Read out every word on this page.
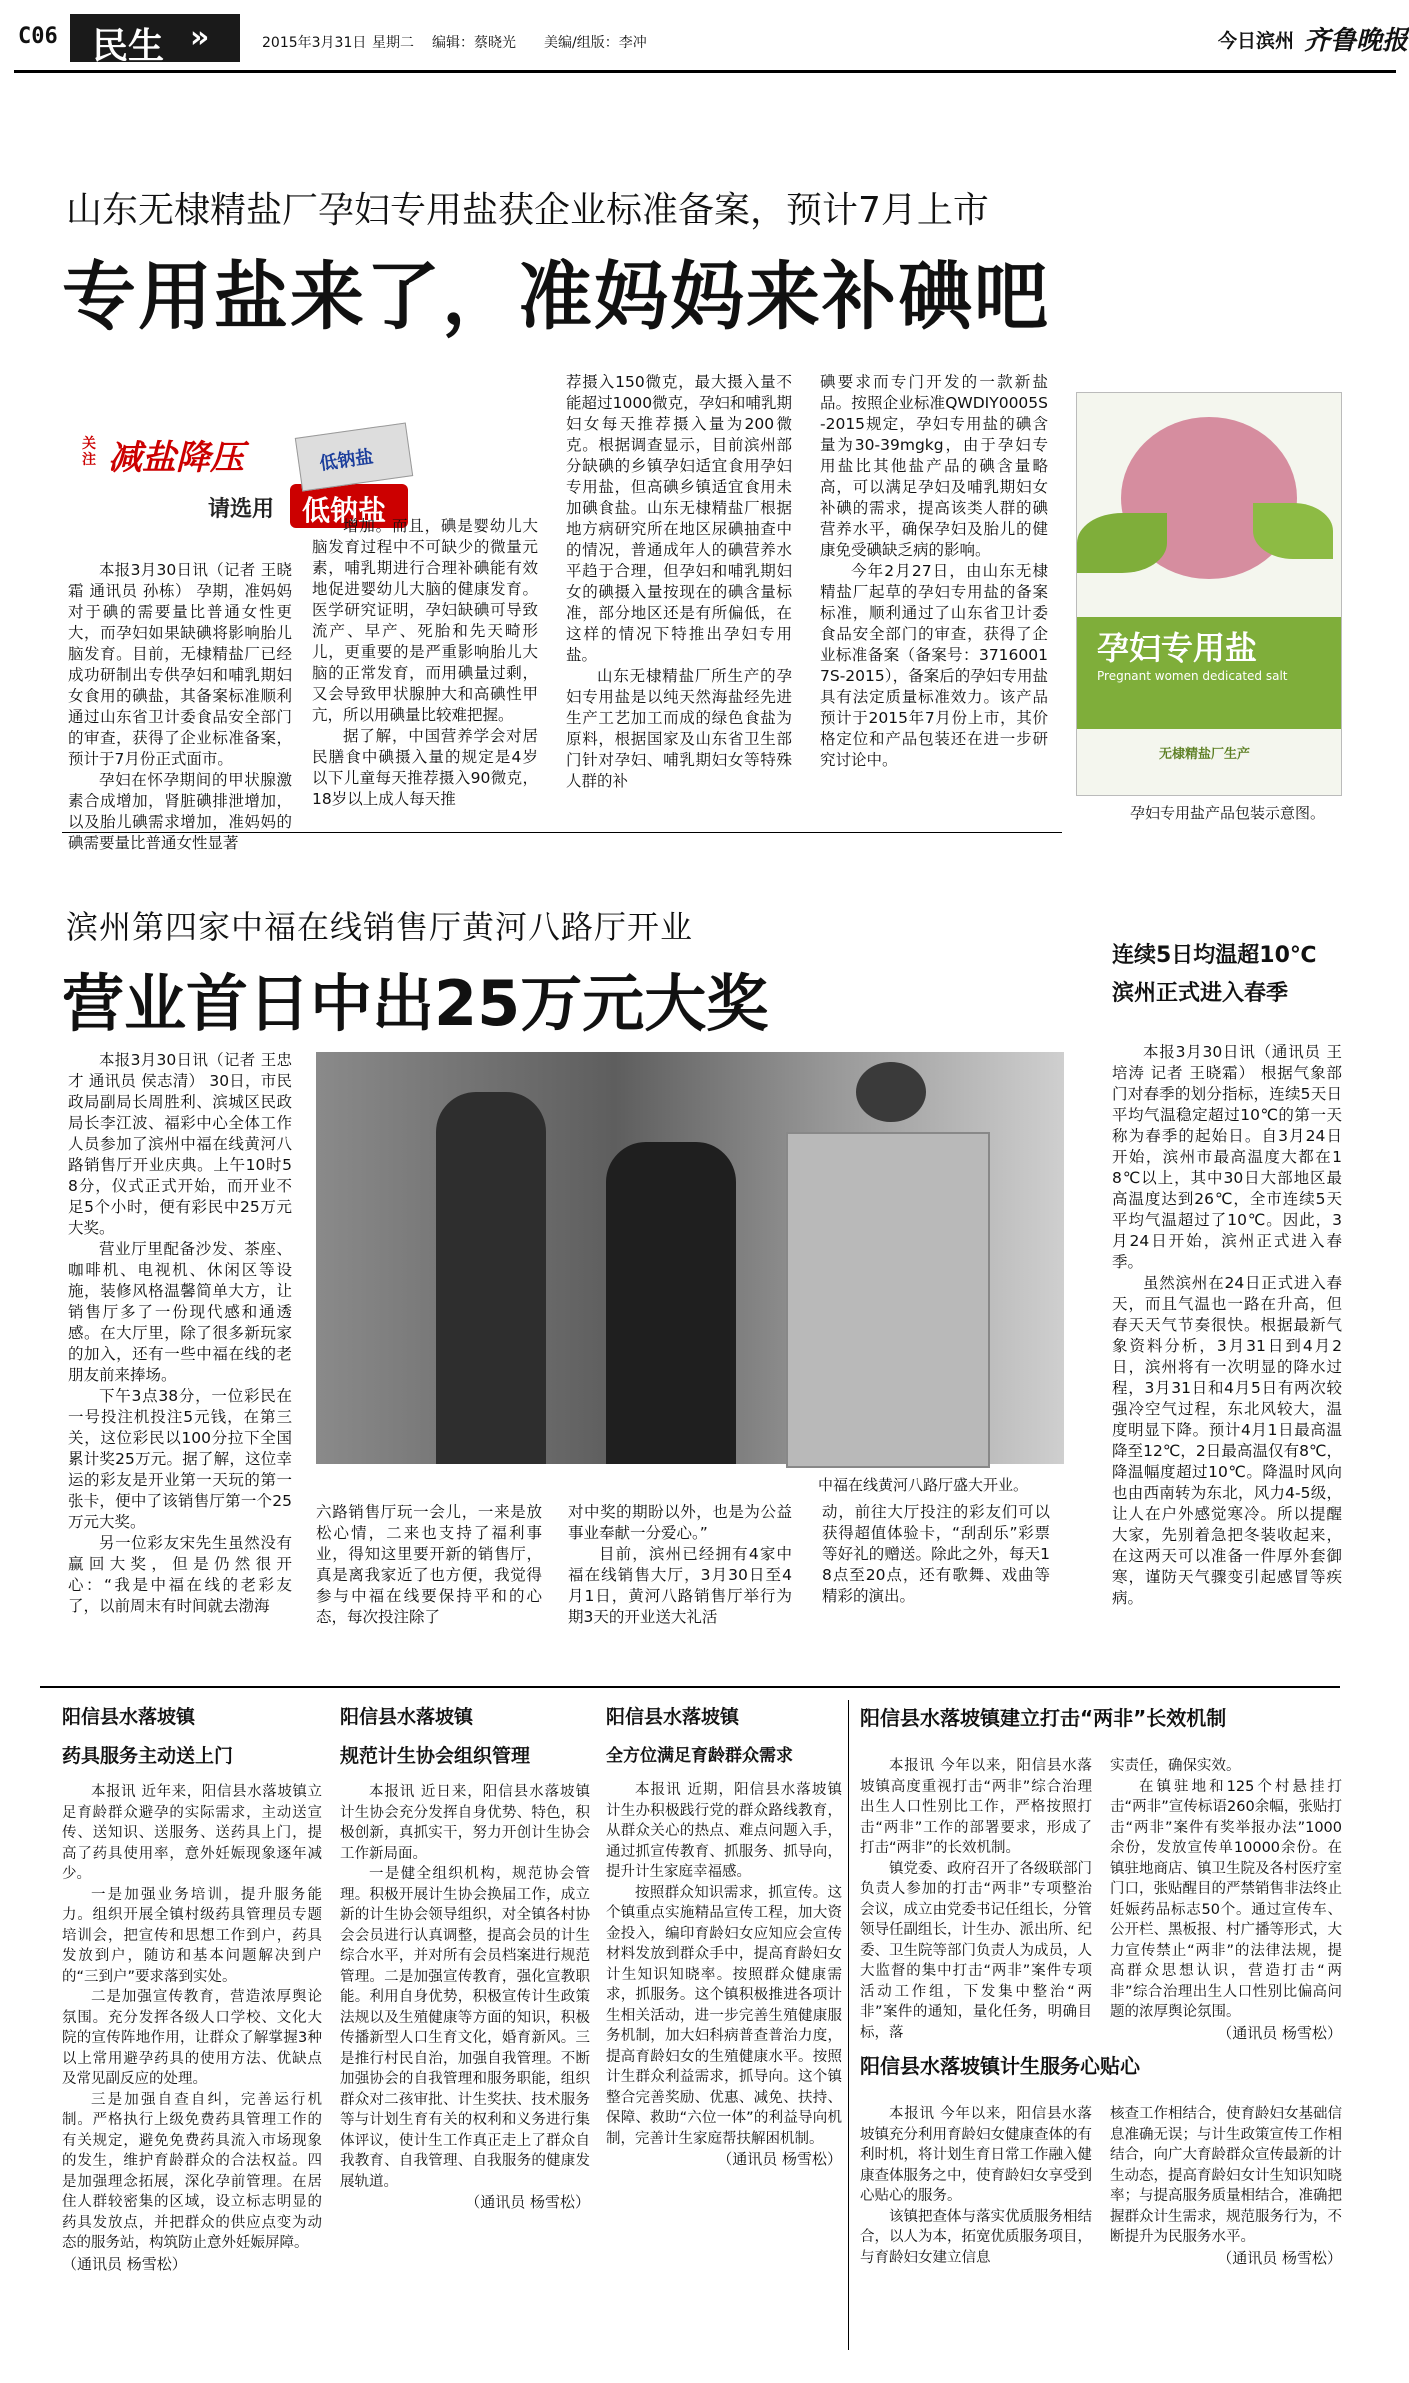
C06 民生 »	2015年3月31日 星期二 编辑：蔡晓光 美编/组版：李冲	今日滨州 齐鲁晚报
山东无棣精盐厂孕妇专用盐获企业标准备案，预计7月上市
专用盐来了，准妈妈来补碘吧
关注 减盐降压
请选用 低钠盐
低钠盐

本报3月30日讯（记者 王晓霜 通讯员 孙栋） 孕期，准妈妈对于碘的需要量比普通女性更大，而孕妇如果缺碘将影响胎儿脑发育。目前，无棣精盐厂已经成功研制出专供孕妇和哺乳期妇女食用的碘盐，其备案标准顺利通过山东省卫计委食品安全部门的审查，获得了企业标准备案，预计于7月份正式面市。

孕妇在怀孕期间的甲状腺激素合成增加，肾脏碘排泄增加，以及胎儿碘需求增加，准妈妈的碘需要量比普通女性显著

增加。而且，碘是婴幼儿大脑发育过程中不可缺少的微量元素，哺乳期进行合理补碘能有效地促进婴幼儿大脑的健康发育。医学研究证明，孕妇缺碘可导致流产、早产、死胎和先天畸形儿，更重要的是严重影响胎儿大脑的正常发育，而用碘量过剩，又会导致甲状腺肿大和高碘性甲亢，所以用碘量比较难把握。

据了解，中国营养学会对居民膳食中碘摄入量的规定是4岁以下儿童每天推荐摄入90微克，18岁以上成人每天推

荐摄入150微克，最大摄入量不能超过1000微克，孕妇和哺乳期妇女每天推荐摄入量为200微克。根据调查显示，目前滨州部分缺碘的乡镇孕妇适宜食用孕妇专用盐，但高碘乡镇适宜食用未加碘食盐。山东无棣精盐厂根据地方病研究所在地区尿碘抽查中的情况，普通成年人的碘营养水平趋于合理，但孕妇和哺乳期妇女的碘摄入量按现在的碘含量标准，部分地区还是有所偏低，在这样的情况下特推出孕妇专用盐。

山东无棣精盐厂所生产的孕妇专用盐是以纯天然海盐经先进生产工艺加工而成的绿色食盐为原料，根据国家及山东省卫生部门针对孕妇、哺乳期妇女等特殊人群的补

碘要求而专门开发的一款新盐品。按照企业标准QWDIY0005S-2015规定，孕妇专用盐的碘含量为30-39mgkg，由于孕妇专用盐比其他盐产品的碘含量略高，可以满足孕妇及哺乳期妇女补碘的需求，提高该类人群的碘营养水平，确保孕妇及胎儿的健康免受碘缺乏病的影响。

今年2月27日，由山东无棣精盐厂起草的孕妇专用盐的备案标准，顺利通过了山东省卫计委食品安全部门的审查，获得了企业标准备案（备案号：37160017S-2015），备案后的孕妇专用盐具有法定质量标准效力。该产品预计于2015年7月份上市，其价格定位和产品包装还在进一步研究讨论中。

孕妇专用盐
Pregnant women dedicated salt
无棣精盐厂生产
孕妇专用盐产品包装示意图。
滨州第四家中福在线销售厅黄河八路厅开业
营业首日中出25万元大奖

本报3月30日讯（记者 王忠才 通讯员 侯志清） 30日，市民政局副局长周胜利、滨城区民政局长李江波、福彩中心全体工作人员参加了滨州中福在线黄河八路销售厅开业庆典。上午10时58分，仪式正式开始，而开业不足5个小时，便有彩民中25万元大奖。

营业厅里配备沙发、茶座、咖啡机、电视机、休闲区等设施，装修风格温馨简单大方，让销售厅多了一份现代感和通透感。在大厅里，除了很多新玩家的加入，还有一些中福在线的老朋友前来捧场。

下午3点38分，一位彩民在一号投注机投注5元钱，在第三关，这位彩民以100分拉下全国累计奖25万元。据了解，这位幸运的彩友是开业第一天玩的第一张卡，便中了该销售厅第一个25万元大奖。

另一位彩友宋先生虽然没有赢回大奖，但是仍然很开心：“我是中福在线的老彩友了，以前周末有时间就去渤海

中福在线黄河八路厅盛大开业。

六路销售厅玩一会儿，一来是放松心情，二来也支持了福利事业，得知这里要开新的销售厅，真是离我家近了也方便，我觉得参与中福在线要保持平和的心态，每次投注除了

对中奖的期盼以外，也是为公益事业奉献一分爱心。”

目前，滨州已经拥有4家中福在线销售大厅，3月30日至4月1日，黄河八路销售厅举行为期3天的开业送大礼活

动，前往大厅投注的彩友们可以获得超值体验卡，“刮刮乐”彩票等好礼的赠送。除此之外，每天18点至20点，还有歌舞、戏曲等精彩的演出。

连续5日均温超10℃
滨州正式进入春季

本报3月30日讯（通讯员 王培涛 记者 王晓霜） 根据气象部门对春季的划分指标，连续5天日平均气温稳定超过10℃的第一天称为春季的起始日。自3月24日开始，滨州市最高温度大都在18℃以上，其中30日大部地区最高温度达到26℃，全市连续5天平均气温超过了10℃。因此，3月24日开始，滨州正式进入春季。

虽然滨州在24日正式进入春天，而且气温也一路在升高，但春天天气节奏很快。根据最新气象资料分析，3月31日到4月2日，滨州将有一次明显的降水过程，3月31日和4月5日有两次较强冷空气过程，东北风较大，温度明显下降。预计4月1日最高温降至12℃，2日最高温仅有8℃，降温幅度超过10℃。降温时风向也由西南转为东北，风力4-5级，让人在户外感觉寒冷。所以提醒大家，先别着急把冬装收起来，在这两天可以准备一件厚外套御寒，谨防天气骤变引起感冒等疾病。

阳信县水落坡镇
药具服务主动送上门

本报讯 近年来，阳信县水落坡镇立足育龄群众避孕的实际需求，主动送宣传、送知识、送服务、送药具上门，提高了药具使用率，意外妊娠现象逐年减少。

一是加强业务培训，提升服务能力。组织开展全镇村级药具管理员专题培训会，把宣传和思想工作到户，药具发放到户，随访和基本问题解决到户的“三到户”要求落到实处。

二是加强宣传教育，营造浓厚舆论氛围。充分发挥各级人口学校、文化大院的宣传阵地作用，让群众了解掌握3种以上常用避孕药具的使用方法、优缺点及常见副反应的处理。

三是加强自查自纠，完善运行机制。严格执行上级免费药具管理工作的有关规定，避免免费药具流入市场现象的发生，维护育龄群众的合法权益。四是加强理念拓展，深化孕前管理。在居住人群较密集的区域，设立标志明显的药具发放点，并把群众的供应点变为动态的服务站，构筑防止意外妊娠屏障。

（通讯员 杨雪松）
阳信县水落坡镇
规范计生协会组织管理

本报讯 近日来，阳信县水落坡镇计生协会充分发挥自身优势、特色，积极创新，真抓实干，努力开创计生协会工作新局面。

一是健全组织机构，规范协会管理。积极开展计生协会换届工作，成立新的计生协会领导组织，对全镇各村协会会员进行认真调整，提高会员的计生综合水平，并对所有会员档案进行规范管理。二是加强宣传教育，强化宣教职能。利用自身优势，积极宣传计生政策法规以及生殖健康等方面的知识，积极传播新型人口生育文化，婚育新风。三是推行村民自治，加强自我管理。不断加强协会的自我管理和服务职能，组织群众对二孩审批、计生奖扶、技术服务等与计划生育有关的权利和义务进行集体评议，使计生工作真正走上了群众自我教育、自我管理、自我服务的健康发展轨道。

（通讯员 杨雪松）
阳信县水落坡镇
全方位满足育龄群众需求

本报讯 近期，阳信县水落坡镇计生办积极践行党的群众路线教育，从群众关心的热点、难点问题入手，通过抓宣传教育、抓服务、抓导向，提升计生家庭幸福感。

按照群众知识需求，抓宣传。这个镇重点实施精品宣传工程，加大资金投入，编印育龄妇女应知应会宣传材料发放到群众手中，提高育龄妇女计生知识知晓率。按照群众健康需求，抓服务。这个镇积极推进各项计生相关活动，进一步完善生殖健康服务机制，加大妇科病普查普治力度，提高育龄妇女的生殖健康水平。按照计生群众利益需求，抓导向。这个镇整合完善奖励、优惠、减免、扶持、保障、救助“六位一体”的利益导向机制，完善计生家庭帮扶解困机制。

（通讯员 杨雪松）
阳信县水落坡镇建立打击“两非”长效机制

本报讯 今年以来，阳信县水落坡镇高度重视打击“两非”综合治理出生人口性别比工作，严格按照打击“两非”工作的部署要求，形成了打击“两非”的长效机制。

镇党委、政府召开了各级联部门负责人参加的打击“两非”专项整治会议，成立由党委书记任组长，分管领导任副组长，计生办、派出所、纪委、卫生院等部门负责人为成员，人大监督的集中打击“两非”案件专项活动工作组，下发集中整治“两非”案件的通知，量化任务，明确目标，落

实责任，确保实效。

在镇驻地和125个村悬挂打击“两非”宣传标语260余幅，张贴打击“两非”案件有奖举报办法”1000余份，发放宣传单10000余份。在镇驻地商店、镇卫生院及各村医疗室门口，张贴醒目的严禁销售非法终止妊娠药品标志50个。通过宣传车、公开栏、黑板报、村广播等形式，大力宣传禁止“两非”的法律法规，提高群众思想认识，营造打击“两非”综合治理出生人口性别比偏高问题的浓厚舆论氛围。

（通讯员 杨雪松）
阳信县水落坡镇计生服务心贴心

本报讯 今年以来，阳信县水落坡镇充分利用育龄妇女健康查体的有利时机，将计划生育日常工作融入健康查体服务之中，使育龄妇女享受到心贴心的服务。

该镇把查体与落实优质服务相结合，以人为本，拓宽优质服务项目，与育龄妇女建立信息

核查工作相结合，使育龄妇女基础信息准确无误；与计生政策宣传工作相结合，向广大育龄群众宣传最新的计生动态，提高育龄妇女计生知识知晓率；与提高服务质量相结合，准确把握群众计生需求，规范服务行为，不断提升为民服务水平。

（通讯员 杨雪松）
